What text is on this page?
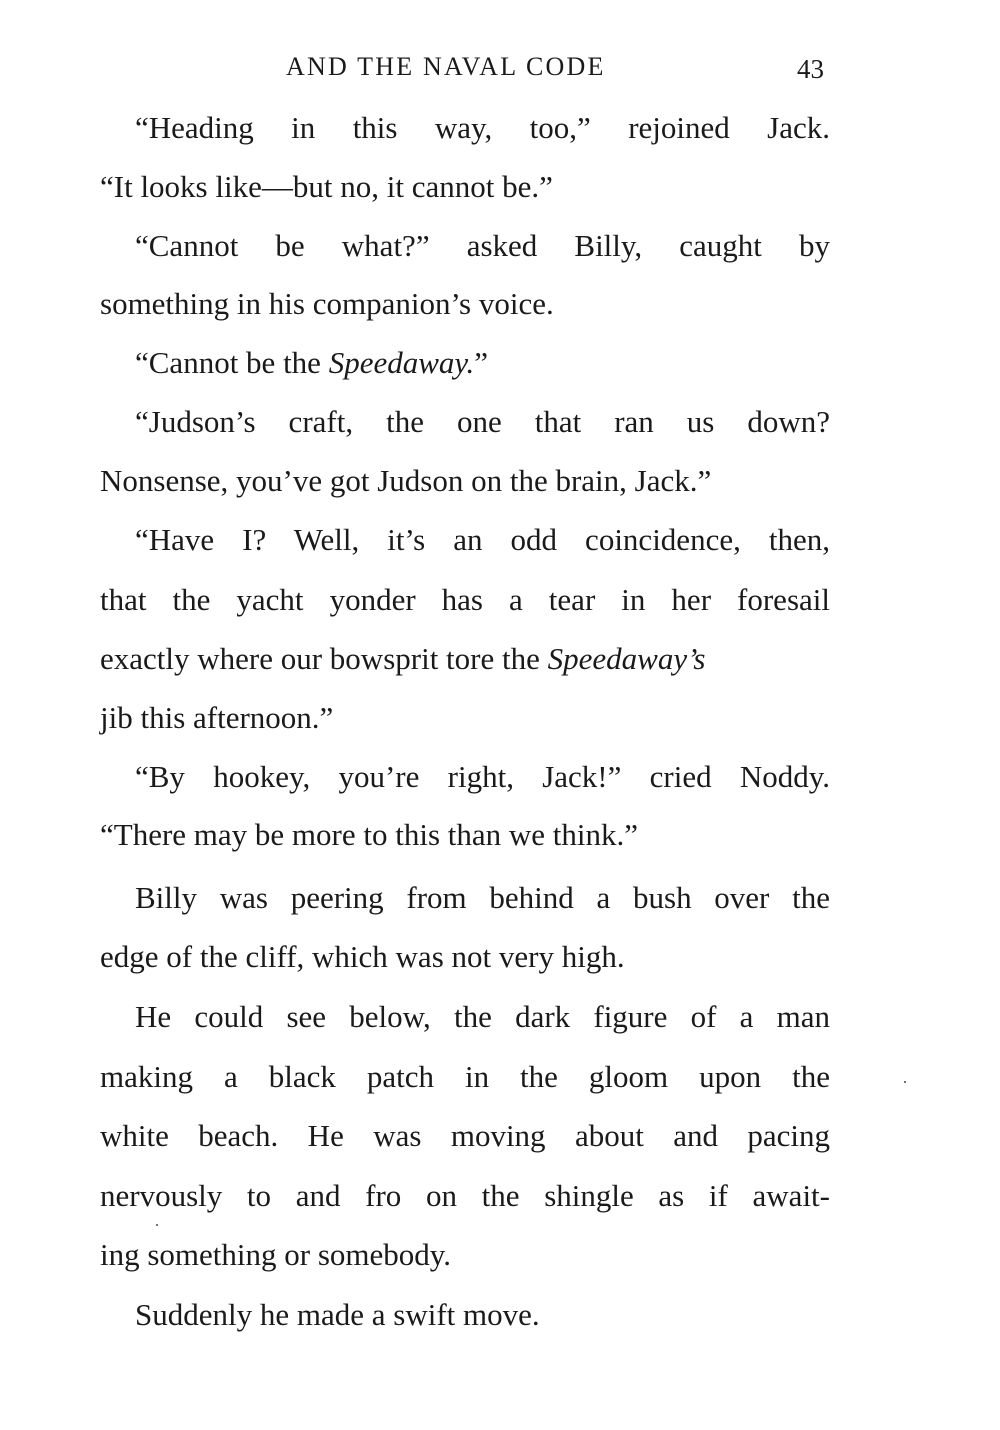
AND THE NAVAL CODE	43
“Heading in this way, too,” rejoined Jack.
“It looks like—but no, it cannot be.”
“Cannot be what?” asked Billy, caught by
something in his companion’s voice.
“Cannot be the Speedaway.”
“Judson’s craft, the one that ran us down?
Nonsense, you’ve got Judson on the brain, Jack.”
“Have I? Well, it’s an odd coincidence, then,
that the yacht yonder has a tear in her foresail
exactly where our bowsprit tore the Speedaway’s
jib this afternoon.”
“By hookey, you’re right, Jack!” cried Noddy.
“There may be more to this than we think.”
Billy was peering from behind a bush over the
edge of the cliff, which was not very high.
He could see below, the dark figure of a man
making a black patch in the gloom upon the
white beach. He was moving about and pacing
nervously to and fro on the shingle as if await-
ing something or somebody.
Suddenly he made a swift move.
